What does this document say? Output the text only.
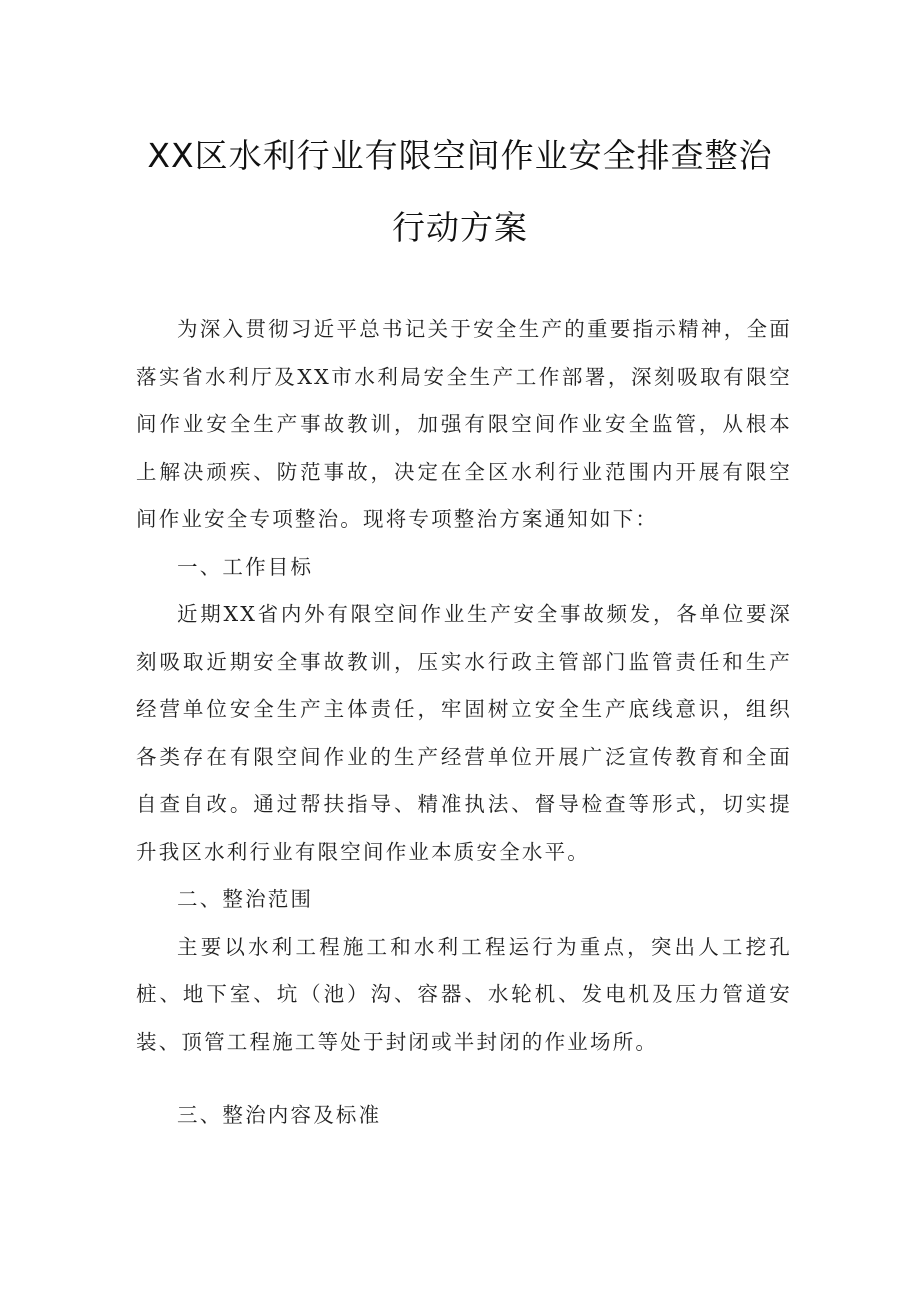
XX区水利行业有限空间作业安全排查整治
行动方案

为深入贯彻习近平总书记关于安全生产的重要指示精神，全面落实省水利厅及XX市水利局安全生产工作部署，深刻吸取有限空间作业安全生产事故教训，加强有限空间作业安全监管，从根本上解决顽疾、防范事故，决定在全区水利行业范围内开展有限空间作业安全专项整治。现将专项整治方案通知如下：

一、工作目标

近期XX省内外有限空间作业生产安全事故频发，各单位要深刻吸取近期安全事故教训，压实水行政主管部门监管责任和生产经营单位安全生产主体责任，牢固树立安全生产底线意识，组织各类存在有限空间作业的生产经营单位开展广泛宣传教育和全面自查自改。通过帮扶指导、精准执法、督导检查等形式，切实提升我区水利行业有限空间作业本质安全水平。

二、整治范围

主要以水利工程施工和水利工程运行为重点，突出人工挖孔桩、地下室、坑（池）沟、容器、水轮机、发电机及压力管道安装、顶管工程施工等处于封闭或半封闭的作业场所。

三、整治内容及标准
